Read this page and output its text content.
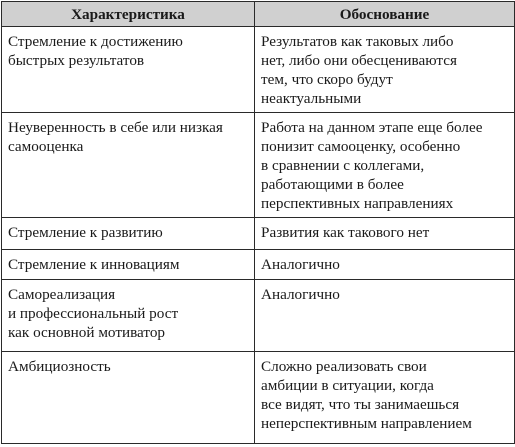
Характеристика	Обоснование

Стремление к достижению
быстрых результатов	Результатов как таковых либо
нет, либо они обесцениваются
тем, что скоро будут
неактуальными

Неуверенность в себе или низкая
самооценка	Работа на данном этапе еще более
понизит самооценку, особенно
в сравнении с коллегами,
работающими в более
перспективных направлениях

Стремление к развитию	Развития как такового нет

Стремление к инновациям	Аналогично

Самореализация
и профессиональный рост
как основной мотиватор	Аналогично

Амбициозность	Сложно реализовать свои
амбиции в ситуации, когда
все видят, что ты занимаешься
неперспективным направлением
